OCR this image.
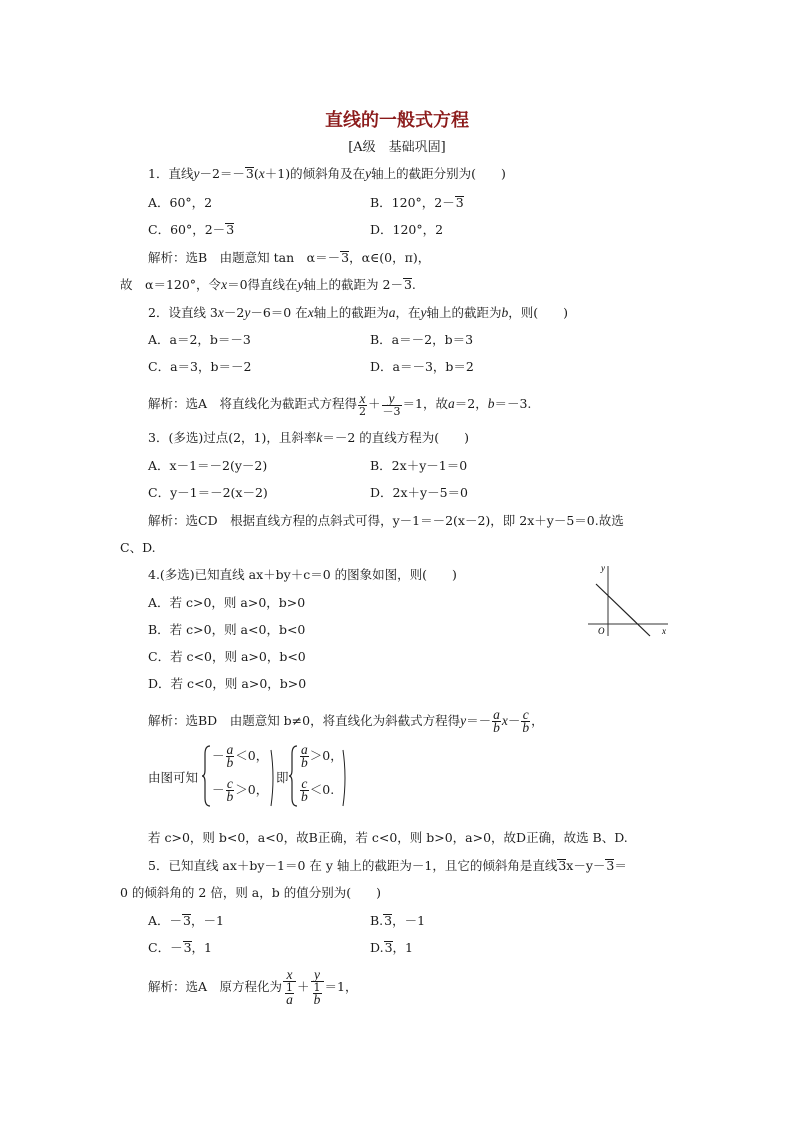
直线的一般式方程
[A级　基础巩固]
1．直线y－2＝－3(x＋1)的倾斜角及在y轴上的截距分别为(　　)
A．60°，2	B．120°，2－3
C．60°，2－3	D．120°，2
解析：选B　由题意知 tan　α＝－3，α∈(0，π)，
故　α＝120°，令x＝0得直线在y轴上的截距为 2－3.
2．设直线 3x－2y－6＝0 在x轴上的截距为a，在y轴上的截距为b，则(　　)
A．a＝2，b＝－3	B．a＝－2，b＝3
C．a＝3，b＝－2	D．a＝－3，b＝2
解析：选A　将直线化为截距式方程得 $\frac{x}{2} + \frac{y}{-3} =1$，故a＝2，b＝－3.
3．(多选)过点(2，1)，且斜率k＝－2 的直线方程为(　　)
A．x－1＝－2(y－2)	B．2x＋y－1＝0
C．y－1＝－2(x－2)	D．2x＋y－5＝0
解析：选CD　根据直线方程的点斜式可得，y－1＝－2(x－2)，即 2x＋y－5＝0.故选
C、D.
4.(多选)已知直线 ax＋by＋c＝0 的图象如图，则(　　)
A．若 c>0，则 a>0，b>0
B．若 c>0，则 a<0，b<0
C．若 c<0，则 a>0，b<0
D．若 c<0，则 a>0，b>0
y
x
O
解析：选BD　由题意知 b≠0，将直线化为斜截式方程得$y=- \frac{a}{b} x- \frac{c}{b}$ ，
由图可知
－ $\frac{a}{b} <0$，
－ $\frac{c}{b} >0$，
即
$\frac{a}{b} >0$，
$\frac{c}{b} <0$.
若 c>0，则 b<0，a<0，故B正确，若 c<0，则 b>0，a>0，故D正确，故选 B、D.
5．已知直线 ax＋by－1＝0 在 y 轴上的截距为－1，且它的倾斜角是直线3x－y－3＝
0 的倾斜角的 2 倍，则 a，b 的值分别为(　　)
A．－3，－1	B.3，－1
C．－3，1	D.3，1
解析：选A　原方程化为 $\frac{x}{\frac{1}{a}} + \frac{y}{\frac{1}{b}} =1$，
